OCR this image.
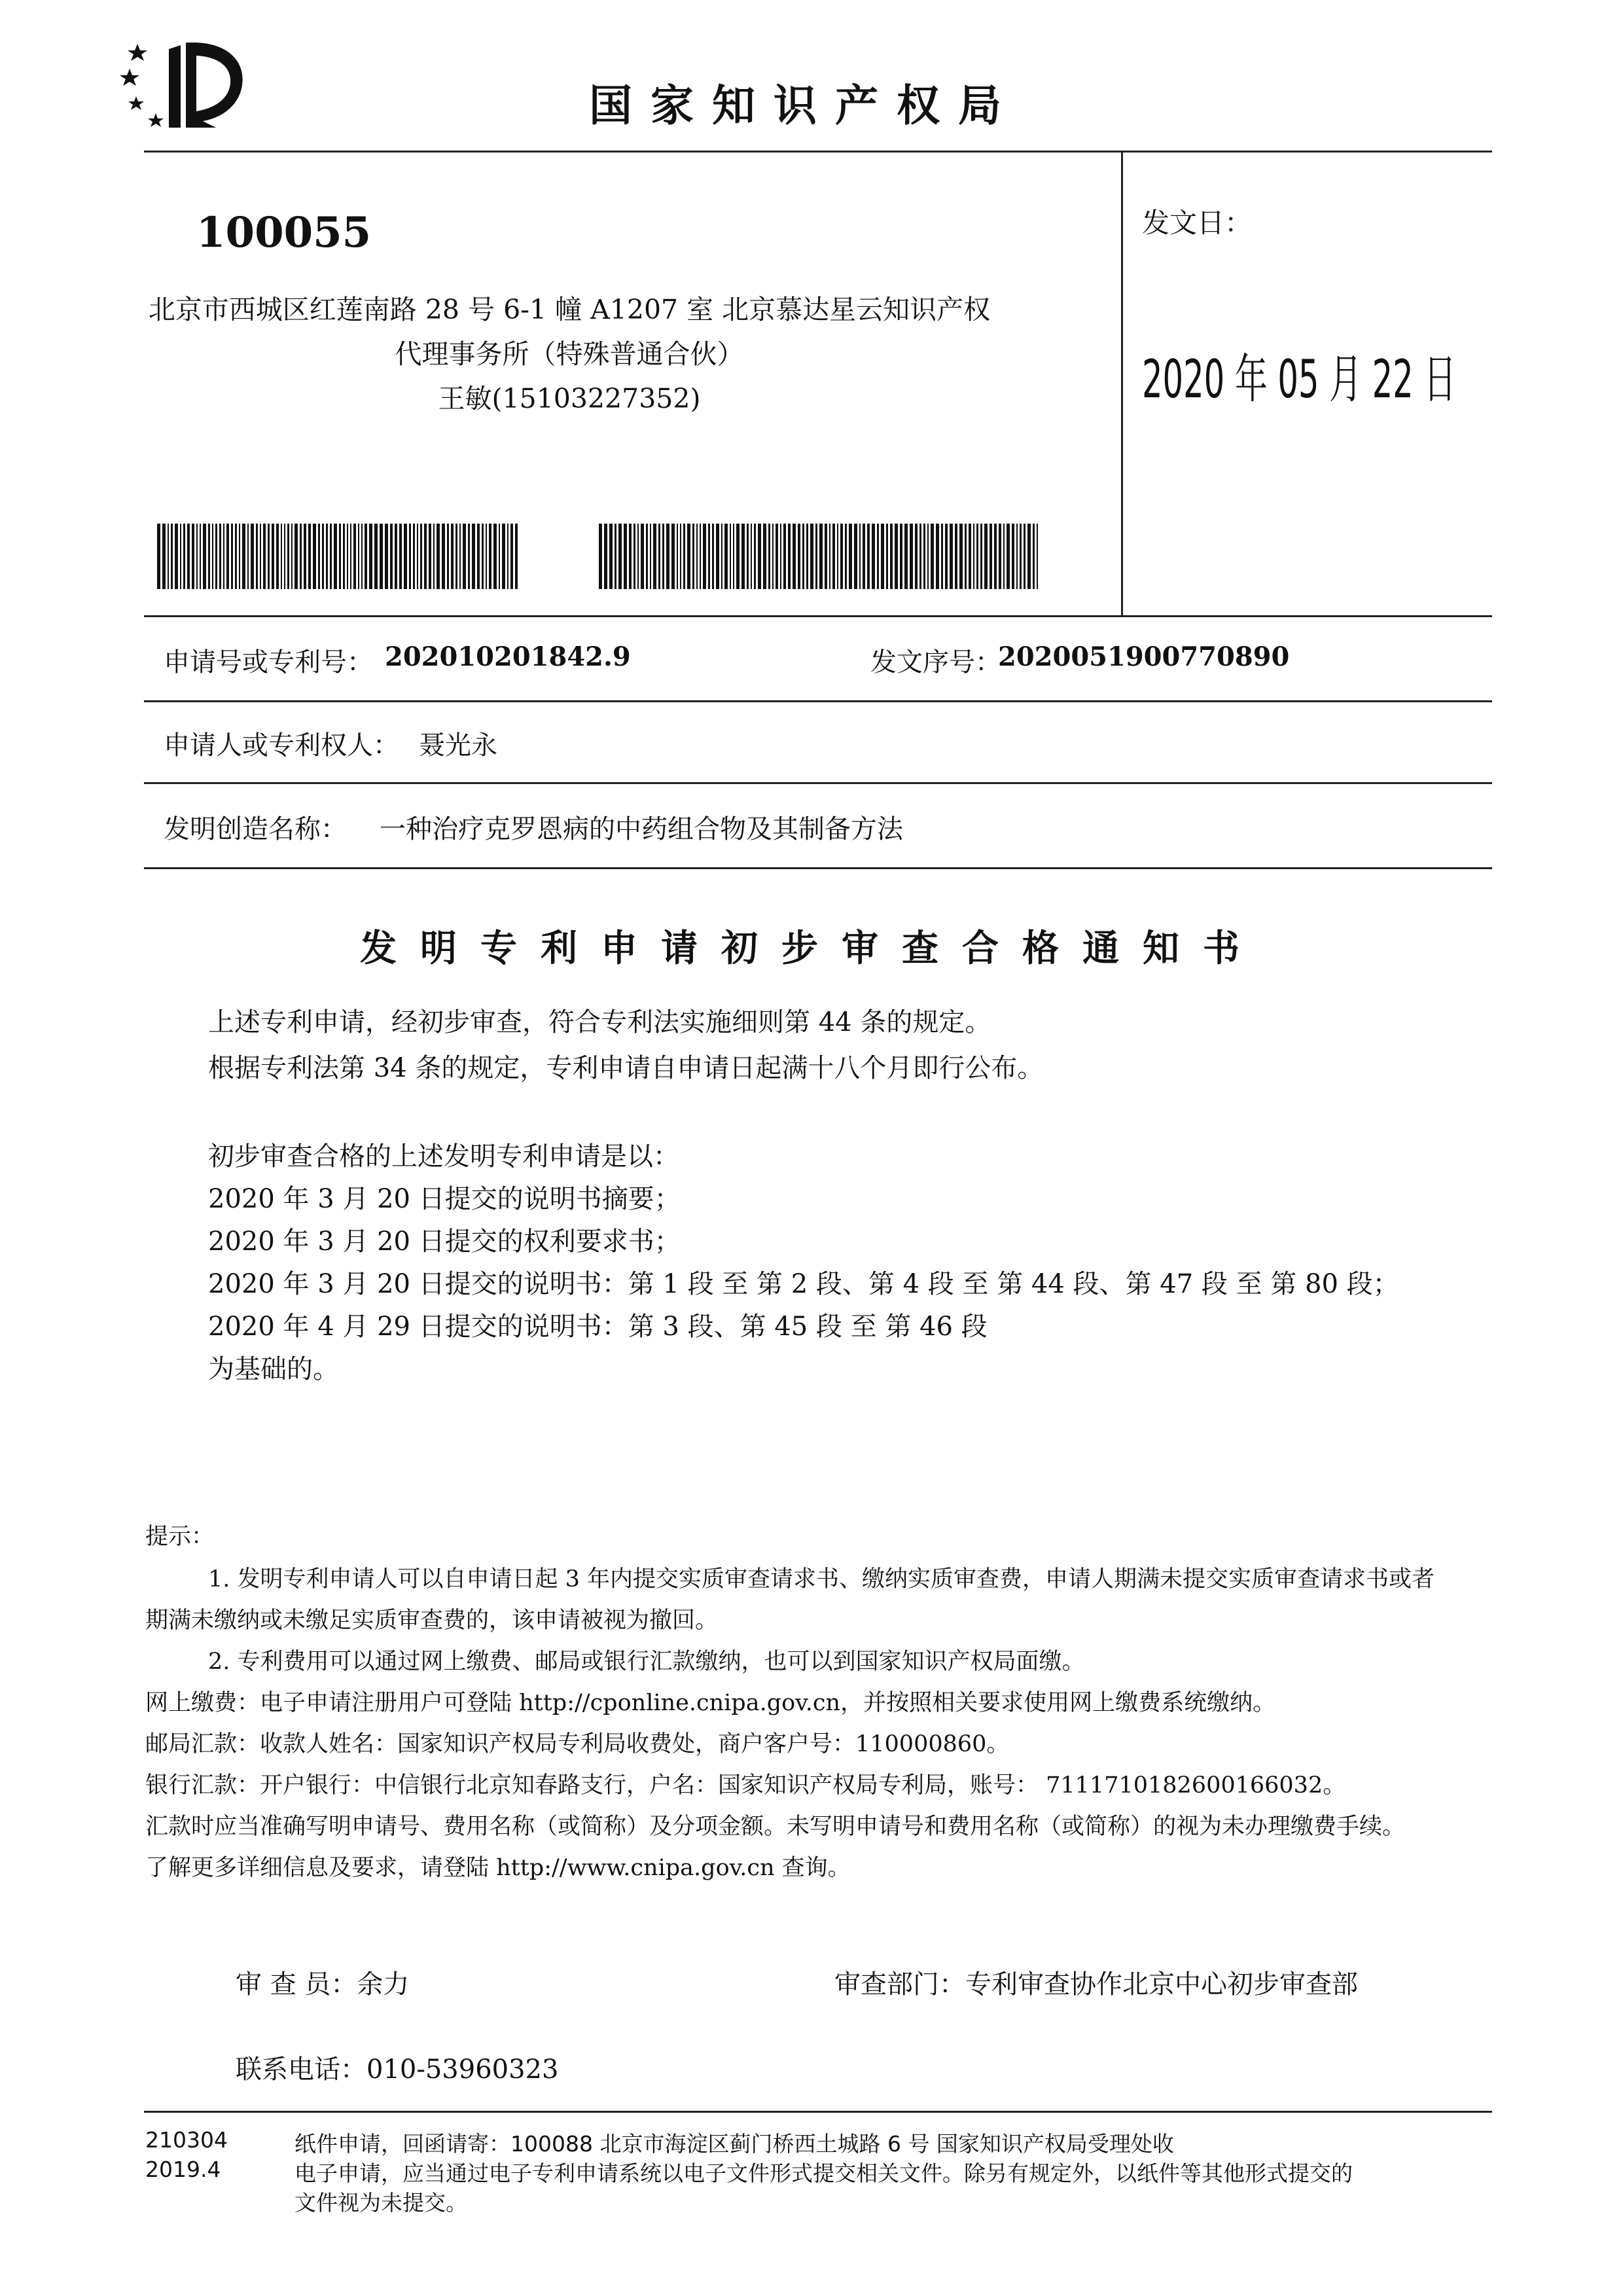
国家知识产权局
100055
北京市西城区红莲南路 28 号 6-1 幢 A1207 室 北京慕达星云知识产权
代理事务所（特殊普通合伙）
王敏(15103227352)
发文日：
2020 年 05 月 22 日
申请号或专利号： 202010201842.9	发文序号：
2020051900770890
申请人或专利权人： 聂光永
发明创造名称： 一种治疗克罗恩病的中药组合物及其制备方法
发明专利申请初步审查合格通知书
上述专利申请，经初步审查，符合专利法实施细则第 44 条的规定。
根据专利法第 34 条的规定，专利申请自申请日起满十八个月即行公布。
初步审查合格的上述发明专利申请是以：
2020 年 3 月 20 日提交的说明书摘要；
2020 年 3 月 20 日提交的权利要求书；
2020 年 3 月 20 日提交的说明书：第 1 段 至 第 2 段、第 4 段 至 第 44 段、第 47 段 至 第 80 段；
2020 年 4 月 29 日提交的说明书：第 3 段、第 45 段 至 第 46 段
为基础的。
提示：
1. 发明专利申请人可以自申请日起 3 年内提交实质审查请求书、缴纳实质审查费，申请人期满未提交实质审查请求书或者
期满未缴纳或未缴足实质审查费的，该申请被视为撤回。
2. 专利费用可以通过网上缴费、邮局或银行汇款缴纳，也可以到国家知识产权局面缴。
网上缴费：电子申请注册用户可登陆 http://cponline.cnipa.gov.cn，并按照相关要求使用网上缴费系统缴纳。
邮局汇款：收款人姓名：国家知识产权局专利局收费处，商户客户号：110000860。
银行汇款：开户银行：中信银行北京知春路支行，户名：国家知识产权局专利局，账号： 7111710182600166032。
汇款时应当准确写明申请号、费用名称（或简称）及分项金额。未写明申请号和费用名称（或简称）的视为未办理缴费手续。
了解更多详细信息及要求，请登陆 http://www.cnipa.gov.cn 查询。
审 查 员：余力	审查部门：专利审查协作北京中心初步审查部
联系电话：010-53960323
210304
2019.4
纸件申请，回函请寄：100088 北京市海淀区蓟门桥西土城路 6 号 国家知识产权局受理处收
电子申请，应当通过电子专利申请系统以电子文件形式提交相关文件。除另有规定外，以纸件等其他形式提交的
文件视为未提交。
